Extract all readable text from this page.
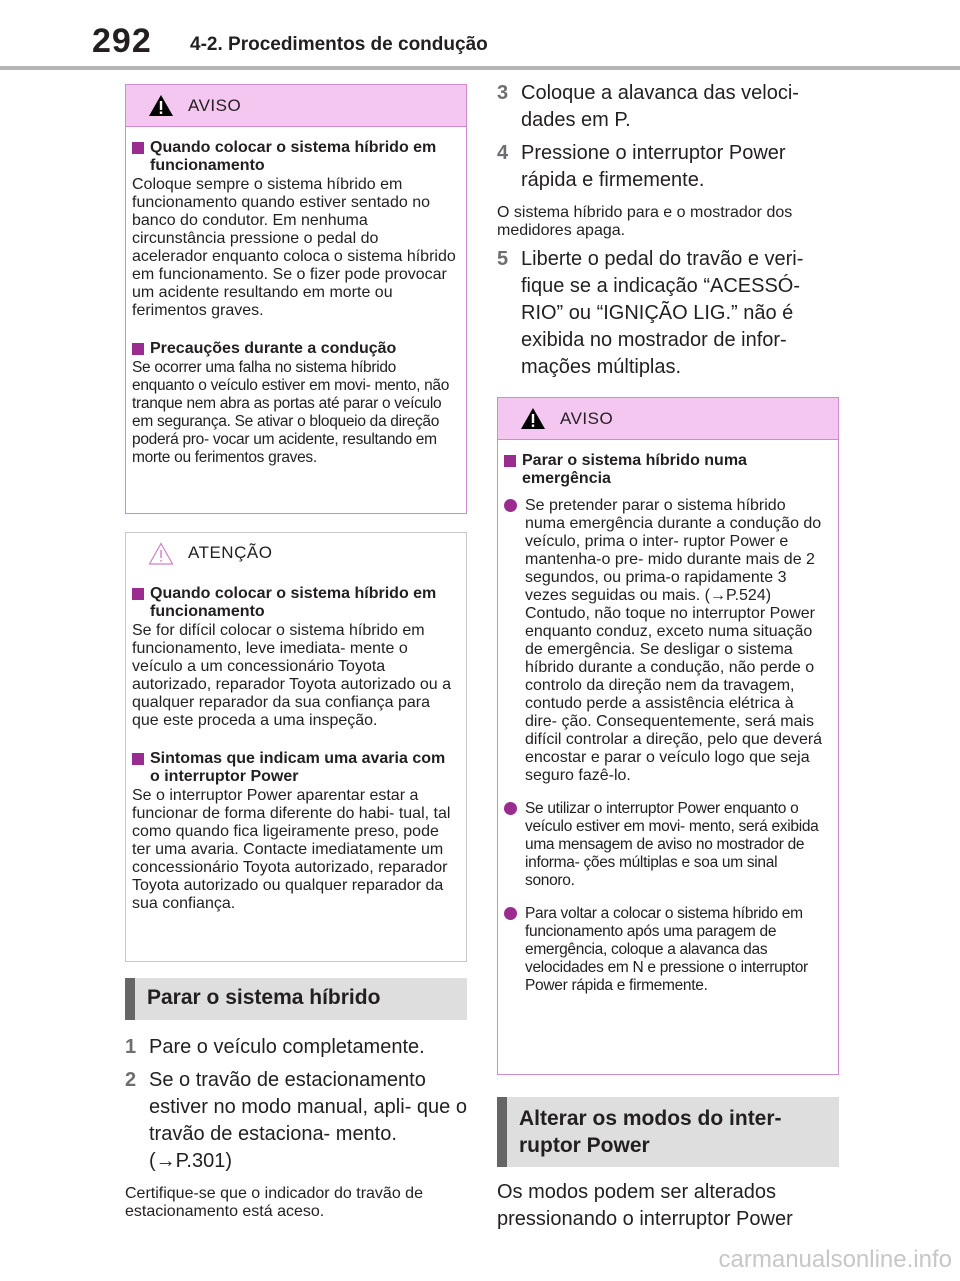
292 4-2. Procedimentos de condução
AVISO
Quando colocar o sistema híbrido em funcionamento
Coloque sempre o sistema híbrido em funcionamento quando estiver sentado no banco do condutor. Em nenhuma circunstância pressione o pedal do acelerador enquanto coloca o sistema híbrido em funcionamento. Se o fizer pode provocar um acidente resultando em morte ou ferimentos graves.
Precauções durante a condução
Se ocorrer uma falha no sistema híbrido enquanto o veículo estiver em movi- mento, não tranque nem abra as portas até parar o veículo em segurança. Se ativar o bloqueio da direção poderá pro- vocar um acidente, resultando em morte ou ferimentos graves.
ATENÇÃO
Quando colocar o sistema híbrido em funcionamento
Se for difícil colocar o sistema híbrido em funcionamento, leve imediata- mente o veículo a um concessionário Toyota autorizado, reparador Toyota autorizado ou a qualquer reparador da sua confiança para que este proceda a uma inspeção.
Sintomas que indicam uma avaria com o interruptor Power
Se o interruptor Power aparentar estar a funcionar de forma diferente do habi- tual, tal como quando fica ligeiramente preso, pode ter uma avaria. Contacte imediatamente um concessionário Toyota autorizado, reparador Toyota autorizado ou qualquer reparador da sua confiança.
Parar o sistema híbrido
1 Pare o veículo completamente.
2 Se o travão de estacionamento estiver no modo manual, apli- que o travão de estaciona- mento. (→P.301)
Certifique-se que o indicador do travão de estacionamento está aceso.
3 Coloque a alavanca das veloci- dades em P.
4 Pressione o interruptor Power rápida e firmemente.
O sistema híbrido para e o mostrador dos medidores apaga.
5 Liberte o pedal do travão e veri- fique se a indicação “ACESSÓ- RIO” ou “IGNIÇÃO LIG.” não é exibida no mostrador de infor- mações múltiplas.
AVISO
Parar o sistema híbrido numa emergência
Se pretender parar o sistema híbrido numa emergência durante a condução do veículo, prima o inter- ruptor Power e mantenha-o pre- mido durante mais de 2 segundos, ou prima-o rapidamente 3 vezes seguidas ou mais. (→P.524) Contudo, não toque no interruptor Power enquanto conduz, exceto numa situação de emergência. Se desligar o sistema híbrido durante a condução, não perde o controlo da direção nem da travagem, contudo perde a assistência elétrica à dire- ção. Consequentemente, será mais difícil controlar a direção, pelo que deverá encostar e parar o veículo logo que seja seguro fazê-lo.
Se utilizar o interruptor Power enquanto o veículo estiver em movi- mento, será exibida uma mensagem de aviso no mostrador de informa- ções múltiplas e soa um sinal sonoro.
Para voltar a colocar o sistema híbrido em funcionamento após uma paragem de emergência, coloque a alavanca das velocidades em N e pressione o interruptor Power rápida e firmemente.
Alterar os modos do inter- ruptor Power
Os modos podem ser alterados pressionando o interruptor Power
carmanualsonline.info
